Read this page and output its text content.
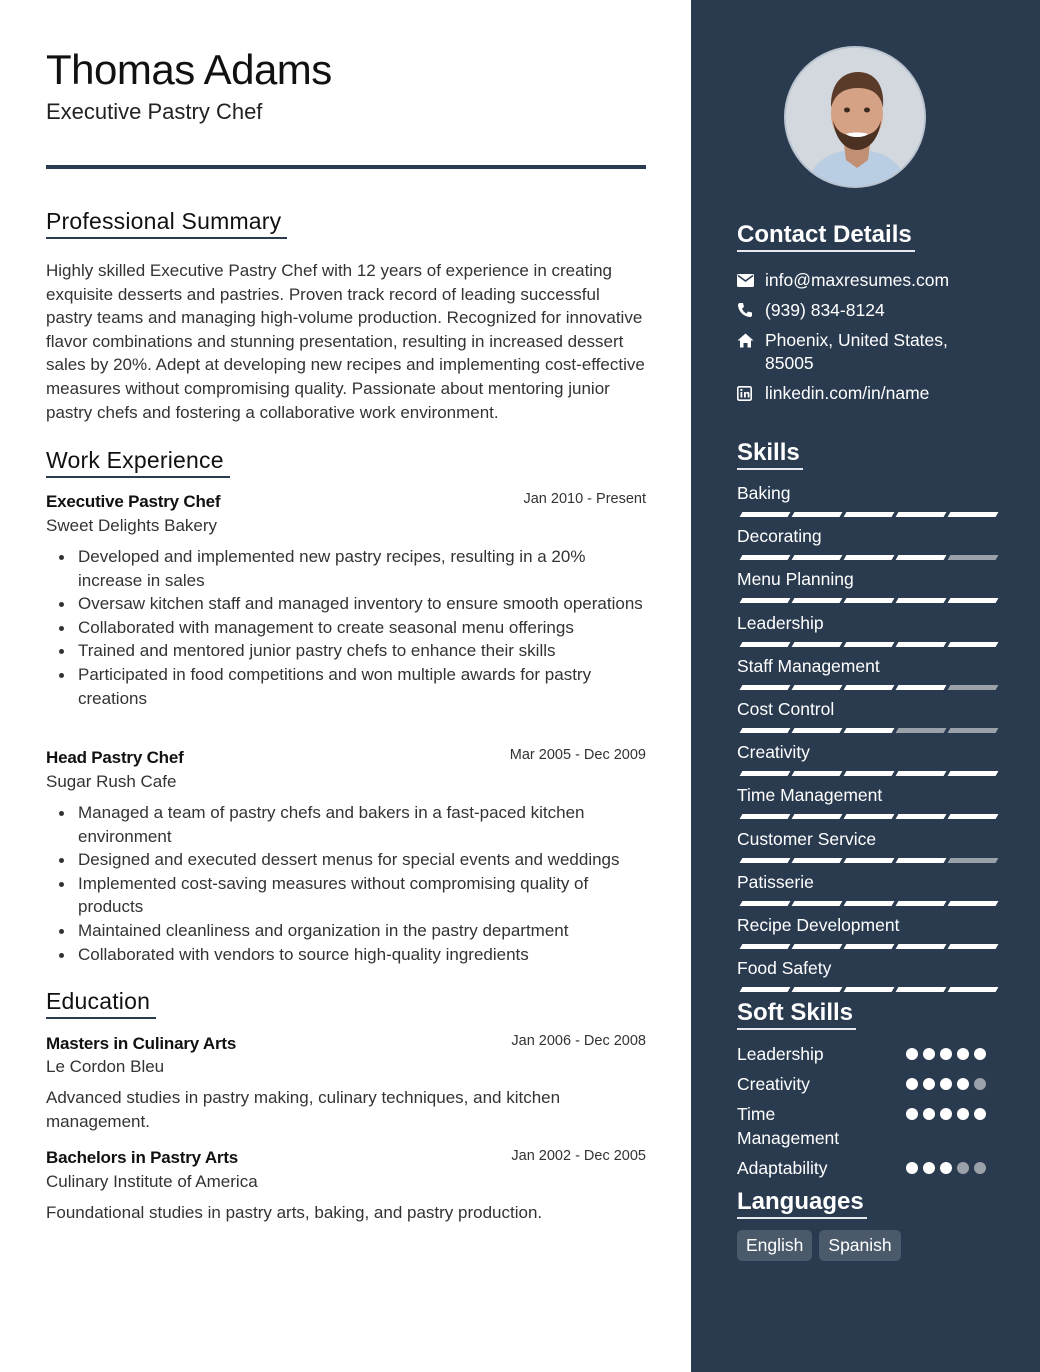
Thomas Adams
Executive Pastry Chef
Professional Summary
Highly skilled Executive Pastry Chef with 12 years of experience in creating exquisite desserts and pastries. Proven track record of leading successful pastry teams and managing high-volume production. Recognized for innovative flavor combinations and stunning presentation, resulting in increased dessert sales by 20%. Adept at developing new recipes and implementing cost-effective measures without compromising quality. Passionate about mentoring junior pastry chefs and fostering a collaborative work environment.
Work Experience
Executive Pastry Chef	Jan 2010 - Present
Sweet Delights Bakery
Developed and implemented new pastry recipes, resulting in a 20% increase in sales
Oversaw kitchen staff and managed inventory to ensure smooth operations
Collaborated with management to create seasonal menu offerings
Trained and mentored junior pastry chefs to enhance their skills
Participated in food competitions and won multiple awards for pastry creations
Head Pastry Chef	Mar 2005 - Dec 2009
Sugar Rush Cafe
Managed a team of pastry chefs and bakers in a fast-paced kitchen environment
Designed and executed dessert menus for special events and weddings
Implemented cost-saving measures without compromising quality of products
Maintained cleanliness and organization in the pastry department
Collaborated with vendors to source high-quality ingredients
Education
Masters in Culinary Arts	Jan 2006 - Dec 2008
Le Cordon Bleu
Advanced studies in pastry making, culinary techniques, and kitchen management.
Bachelors in Pastry Arts	Jan 2002 - Dec 2005
Culinary Institute of America
Foundational studies in pastry arts, baking, and pastry production.
Contact Details
info@maxresumes.com
(939) 834-8124
Phoenix, United States, 85005
linkedin.com/in/name
Skills
Baking
Decorating
Menu Planning
Leadership
Staff Management
Cost Control
Creativity
Time Management
Customer Service
Patisserie
Recipe Development
Food Safety
Soft Skills
Leadership
Creativity
Time Management
Adaptability
Languages
English	Spanish
